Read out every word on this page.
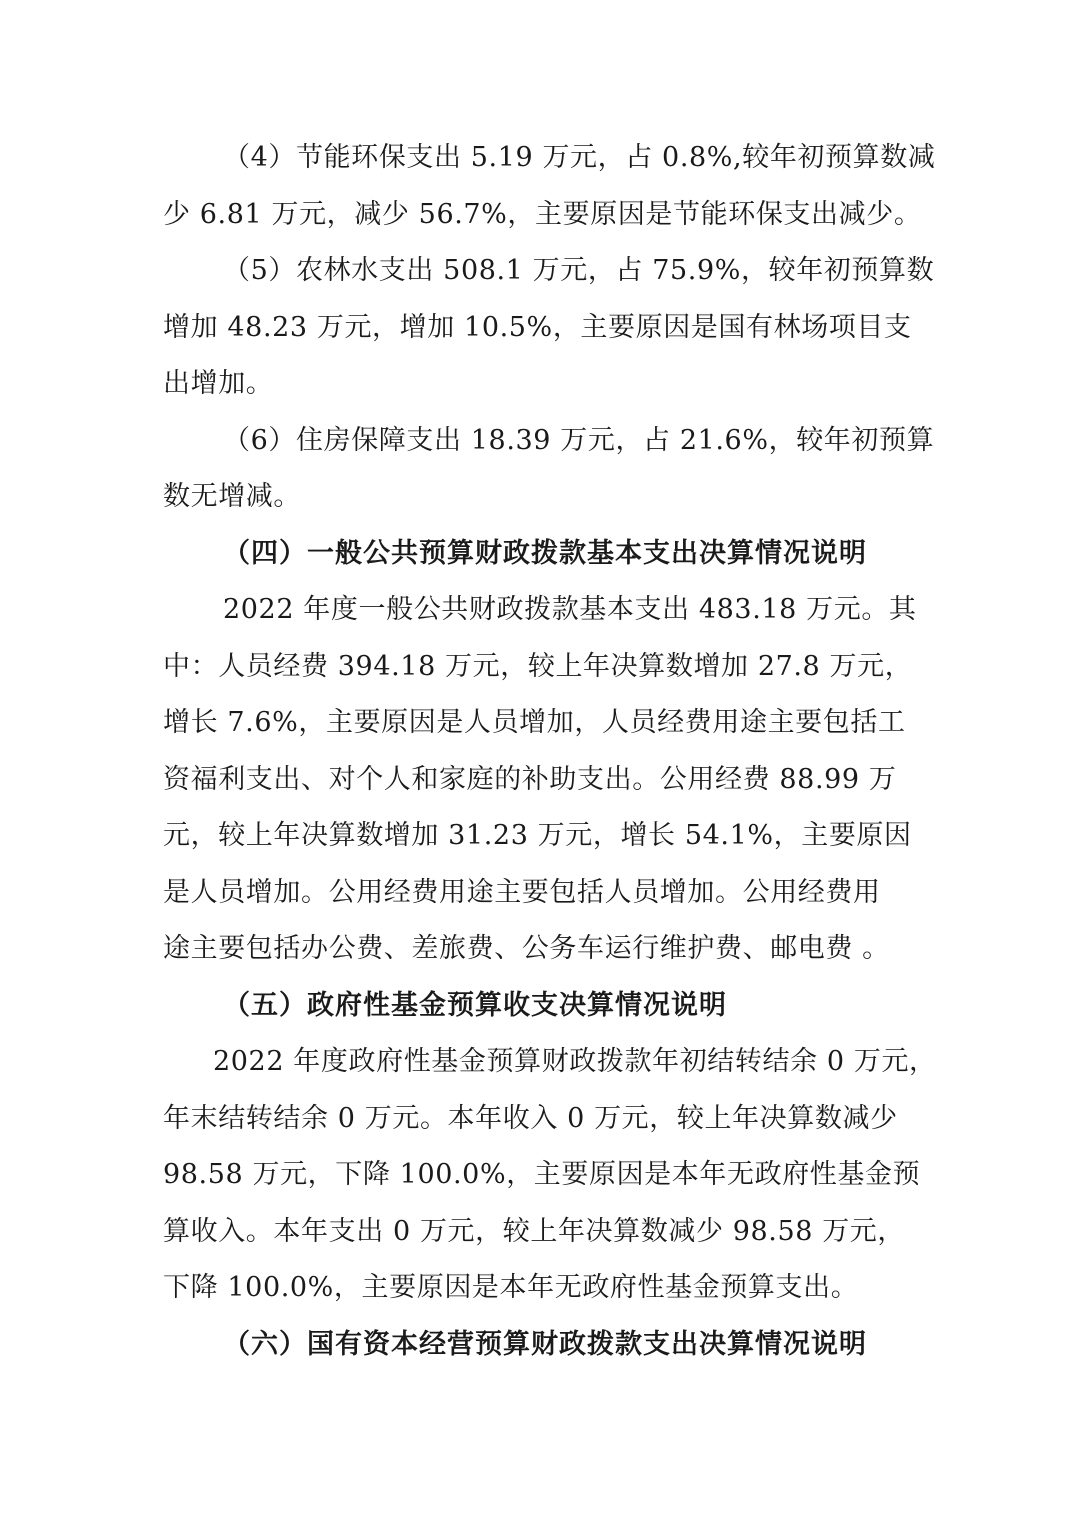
（4）节能环保支出 5.19 万元，占 0.8%,较年初预算数减
少 6.81 万元，减少 56.7%，主要原因是节能环保支出减少。
（5）农林水支出 508.1 万元，占 75.9%，较年初预算数
增加 48.23 万元，增加 10.5%，主要原因是国有林场项目支
出增加。
（6）住房保障支出 18.39 万元，占 21.6%，较年初预算
数无增减。
（四）一般公共预算财政拨款基本支出决算情况说明
2022 年度一般公共财政拨款基本支出 483.18 万元。其
中：人员经费 394.18 万元，较上年决算数增加 27.8 万元，
增长 7.6%，主要原因是人员增加，人员经费用途主要包括工
资福利支出、对个人和家庭的补助支出。公用经费 88.99 万
元，较上年决算数增加 31.23 万元，增长 54.1%，主要原因
是人员增加。公用经费用途主要包括人员增加。公用经费用
途主要包括办公费、差旅费、公务车运行维护费、邮电费 。
（五）政府性基金预算收支决算情况说明
2022 年度政府性基金预算财政拨款年初结转结余 0 万元，
年末结转结余 0 万元。本年收入 0 万元，较上年决算数减少
98.58 万元，下降 100.0%，主要原因是本年无政府性基金预
算收入。本年支出 0 万元，较上年决算数减少 98.58 万元，
下降 100.0%，主要原因是本年无政府性基金预算支出。
（六）国有资本经营预算财政拨款支出决算情况说明
